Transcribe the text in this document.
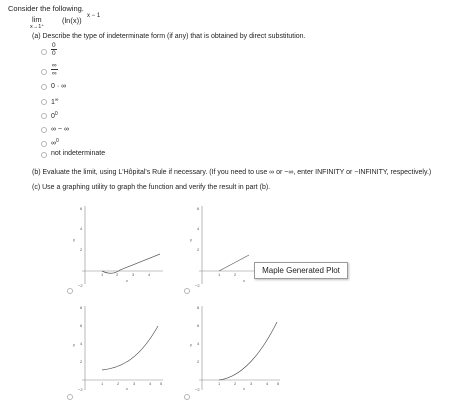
Consider the following.
lim
x→1⁺
(ln(x)) x − 1
(a) Describe the type of indeterminate form (if any) that is obtained by direct substitution.
$\frac{0}{0}$
$\frac{\infty}{\infty}$
0 · ∞
1∞
$0^0$
∞ − ∞
∞$^0$
not indeterminate
(b) Evaluate the limit, using L'Hôpital's Rule if necessary. (If you need to use ∞ or −∞, enter INFINITY or −INFINITY, respectively.)
(c) Use a graphing utility to graph the function and verify the result in part (b).
6
4
2
−2
y
1	2	3	4
x
6
4
2
−2
y
1	2
x
Maple Generated Plot
8
6
4
2
−2
y
1	2	3	4 5
x
8
6
4
2
−2
y
1	2	3	4 5
x
